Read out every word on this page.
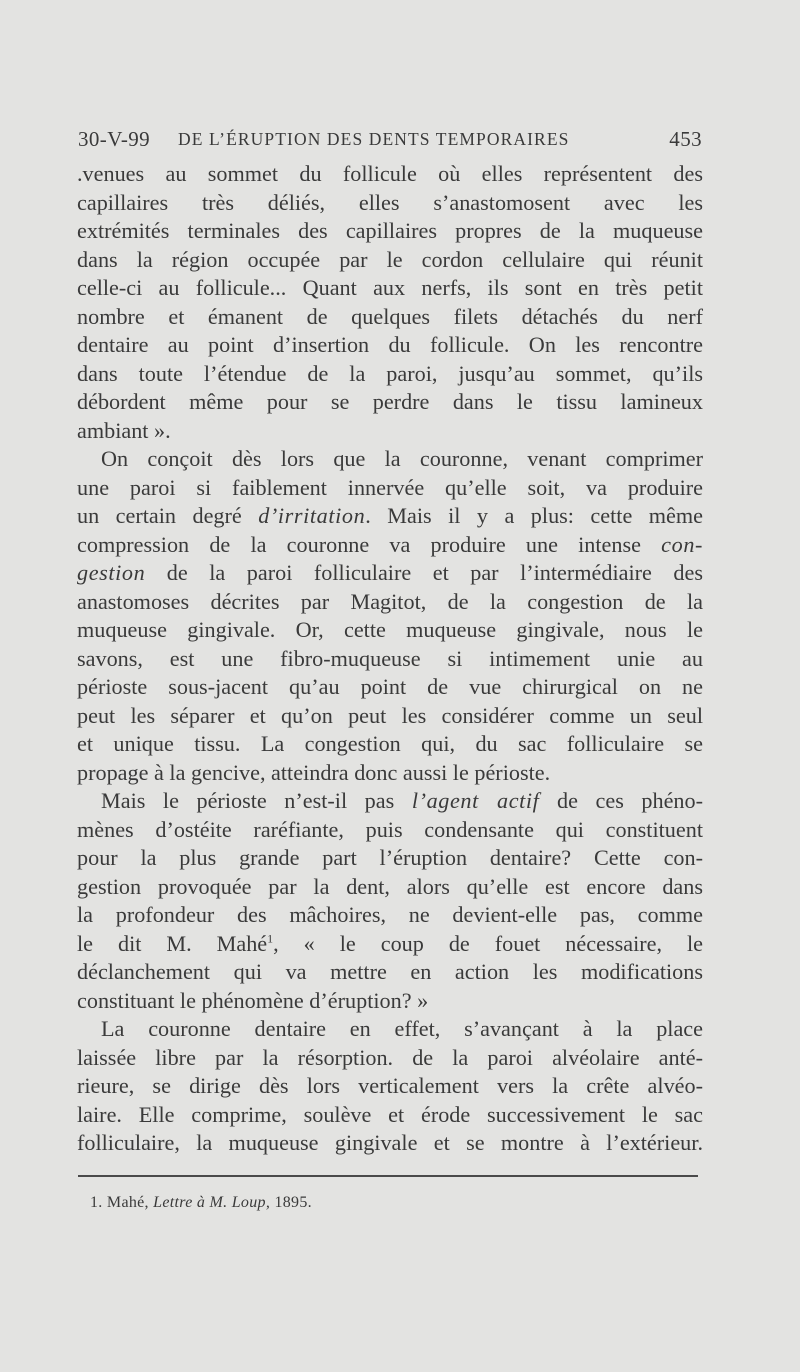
30-V-99 DE L’ÉRUPTION DES DENTS TEMPORAIRES	453
.venues au sommet du follicule où elles représentent des
capillaires très déliés, elles s’anastomosent avec les
extrémités terminales des capillaires propres de la muqueuse
dans la région occupée par le cordon cellulaire qui réunit
celle-ci au follicule... Quant aux nerfs, ils sont en très petit
nombre et émanent de quelques filets détachés du nerf
dentaire au point d’insertion du follicule. On les rencontre
dans toute l’étendue de la paroi, jusqu’au sommet, qu’ils
débordent même pour se perdre dans le tissu lamineux
ambiant ».
On conçoit dès lors que la couronne, venant comprimer
une paroi si faiblement innervée qu’elle soit, va produire
un certain degré d’irritation. Mais il y a plus: cette même
compression de la couronne va produire une intense con-
gestion de la paroi folliculaire et par l’intermédiaire des
anastomoses décrites par Magitot, de la congestion de la
muqueuse gingivale. Or, cette muqueuse gingivale, nous le
savons, est une fibro-muqueuse si intimement unie au
périoste sous-jacent qu’au point de vue chirurgical on ne
peut les séparer et qu’on peut les considérer comme un seul
et unique tissu. La congestion qui, du sac folliculaire se
propage à la gencive, atteindra donc aussi le périoste.
Mais le périoste n’est-il pas l’agent actif de ces phéno-
mènes d’ostéite raréfiante, puis condensante qui constituent
pour la plus grande part l’éruption dentaire? Cette con-
gestion provoquée par la dent, alors qu’elle est encore dans
la profondeur des mâchoires, ne devient-elle pas, comme
le dit M. Mahé$^1$, « le coup de fouet nécessaire, le
déclanchement qui va mettre en action les modifications
constituant le phénomène d’éruption? »
La couronne dentaire en effet, s’avançant à la place
laissée libre par la résorption. de la paroi alvéolaire anté-
rieure, se dirige dès lors verticalement vers la crête alvéo-
laire. Elle comprime, soulève et érode successivement le sac
folliculaire, la muqueuse gingivale et se montre à l’extérieur.
1. Mahé, Lettre à M. Loup, 1895.
